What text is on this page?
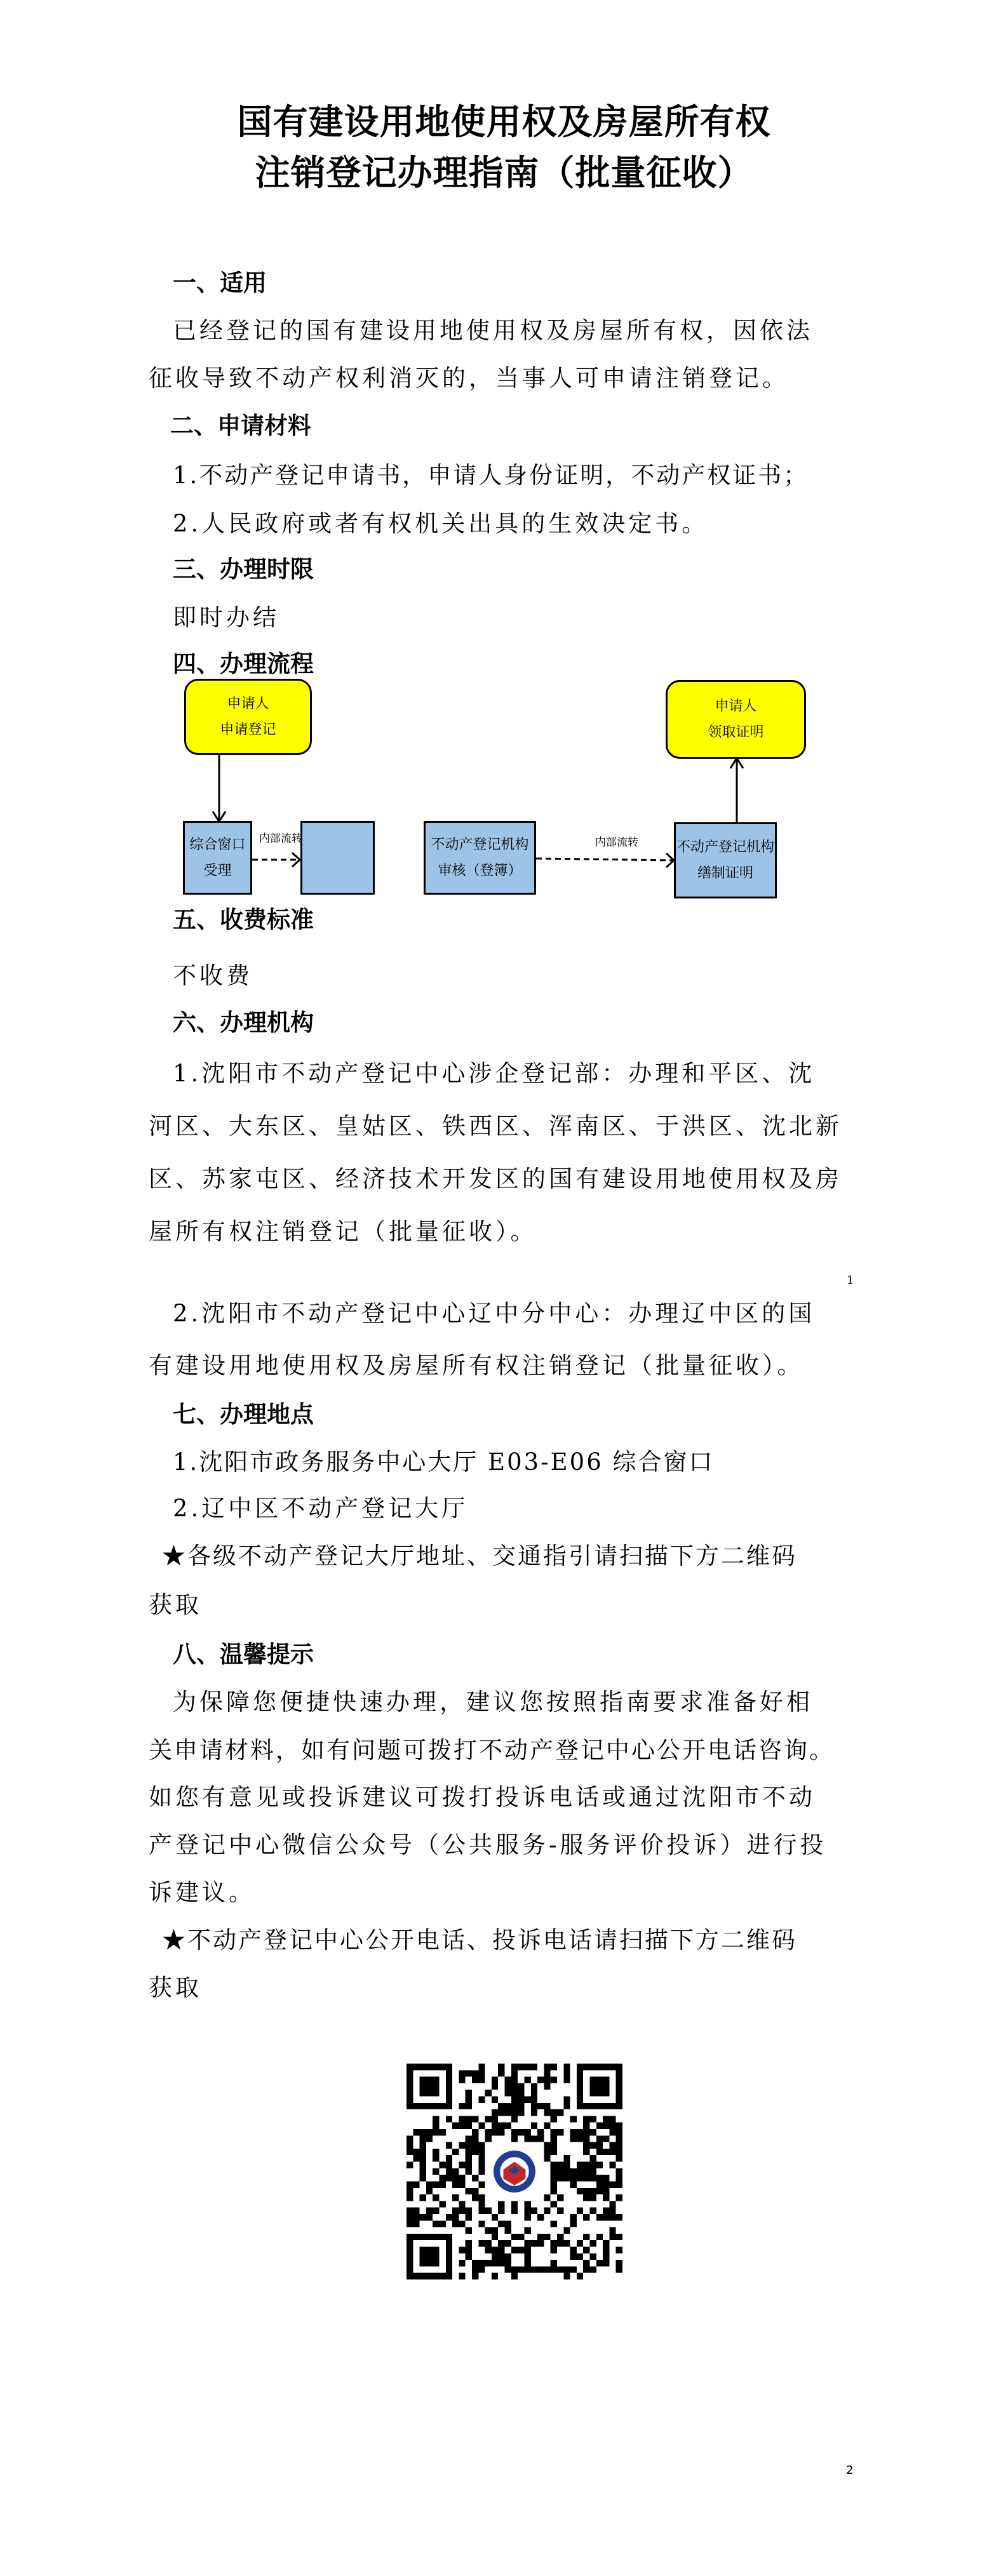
国有建设用地使用权及房屋所有权
注销登记办理指南（批量征收）
一、适用
已经登记的国有建设用地使用权及房屋所有权，因依法
征收导致不动产权利消灭的，当事人可申请注销登记。
二、申请材料
1.不动产登记申请书，申请人身份证明，不动产权证书；
2.人民政府或者有权机关出具的生效决定书。
三、办理时限
即时办结
四、办理流程
申请人
申请登记
申请人
领取证明
综合窗口
受理
内部流转	不动产登记机构
审核（登簿）
内部流转	不动产登记机构
缮制证明
五、收费标准
不收费
六、办理机构
1.沈阳市不动产登记中心涉企登记部：办理和平区、沈
河区、大东区、皇姑区、铁西区、浑南区、于洪区、沈北新
区、苏家屯区、经济技术开发区的国有建设用地使用权及房
屋所有权注销登记（批量征收）。
2.沈阳市不动产登记中心辽中分中心：办理辽中区的国
1
有建设用地使用权及房屋所有权注销登记（批量征收）。
七、办理地点
1.沈阳市政务服务中心大厅 E03-E06 综合窗口
2.辽中区不动产登记大厅
★各级不动产登记大厅地址、交通指引请扫描下方二维码
获取
八、温馨提示
为保障您便捷快速办理，建议您按照指南要求准备好相
关申请材料，如有问题可拨打不动产登记中心公开电话咨询。
如您有意见或投诉建议可拨打投诉电话或通过沈阳市不动
产登记中心微信公众号（公共服务-服务评价投诉）进行投
诉建议。
★不动产登记中心公开电话、投诉电话请扫描下方二维码
获取
2
